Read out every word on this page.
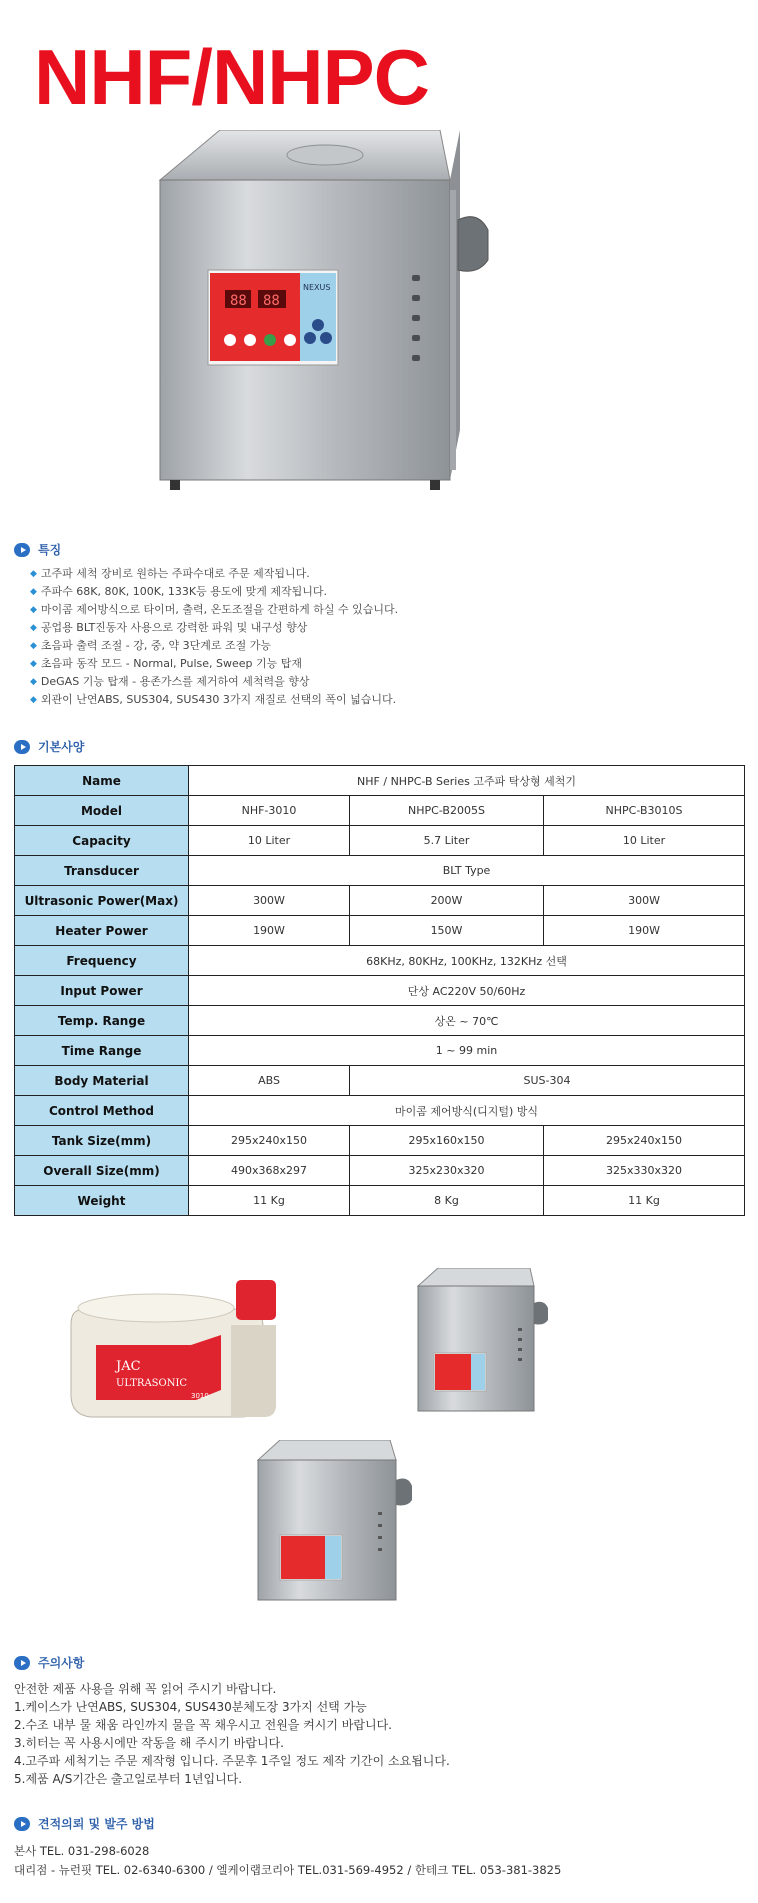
NHF/NHPC
88 88
NEXUS
특징
◆ 고주파 세척 장비로 원하는 주파수대로 주문 제작됩니다.
◆ 주파수 68K, 80K, 100K, 133K등 용도에 맞게 제작됩니다.
◆ 마이콤 제어방식으로 타이머, 출력, 온도조절을 간편하게 하실 수 있습니다.
◆ 공업용 BLT진동자 사용으로 강력한 파워 및 내구성 향상
◆ 초음파 출력 조절 - 강, 중, 약 3단계로 조절 가능
◆ 초음파 동작 모드 - Normal, Pulse, Sweep 기능 탑재
◆ DeGAS 기능 탑재 - 용존가스를 제거하여 세척력을 향상
◆ 외관이 난연ABS, SUS304, SUS430 3가지 재질로 선택의 폭이 넓습니다.
기본사양
Name	NHF / NHPC-B Series 고주파 탁상형 세척기		
Model	NHF-3010	NHPC-B2005S	NHPC-B3010S
Capacity	10 Liter	5.7 Liter	10 Liter
Transducer	BLT Type		
Ultrasonic Power(Max)	300W	200W	300W
Heater Power	190W	150W	190W
Frequency	68KHz, 80KHz, 100KHz, 132KHz 선택		
Input Power	단상 AC220V 50/60Hz		
Temp. Range	상온 ~ 70℃		
Time Range	1 ~ 99 min		
Body Material	ABS	SUS-304	
Control Method	마이콤 제어방식(디지털) 방식		
Tank Size(mm)	295x240x150	295x160x150	295x240x150
Overall Size(mm)	490x368x297	325x230x320	325x330x320
Weight	11 Kg	8 Kg	11 Kg
JAC
ULTRASONIC
3010
주의사항

안전한 제품 사용을 위해 꼭 읽어 주시기 바랍니다.

1.케이스가 난연ABS, SUS304, SUS430분체도장 3가지 선택 가능

2.수조 내부 물 채움 라인까지 물을 꼭 채우시고 전원을 켜시기 바랍니다.

3.히터는 꼭 사용시에만 작동을 해 주시기 바랍니다.

4.고주파 세척기는 주문 제작형 입니다. 주문후 1주일 정도 제작 기간이 소요됩니다.

5.제품 A/S기간은 출고일로부터 1년입니다.

견적의뢰 및 발주 방법

본사 TEL. 031-298-6028

대리점 - 뉴런핏 TEL. 02-6340-6300 / 엘케이랩코리아 TEL.031-569-4952 / 한테크 TEL. 053-381-3825
